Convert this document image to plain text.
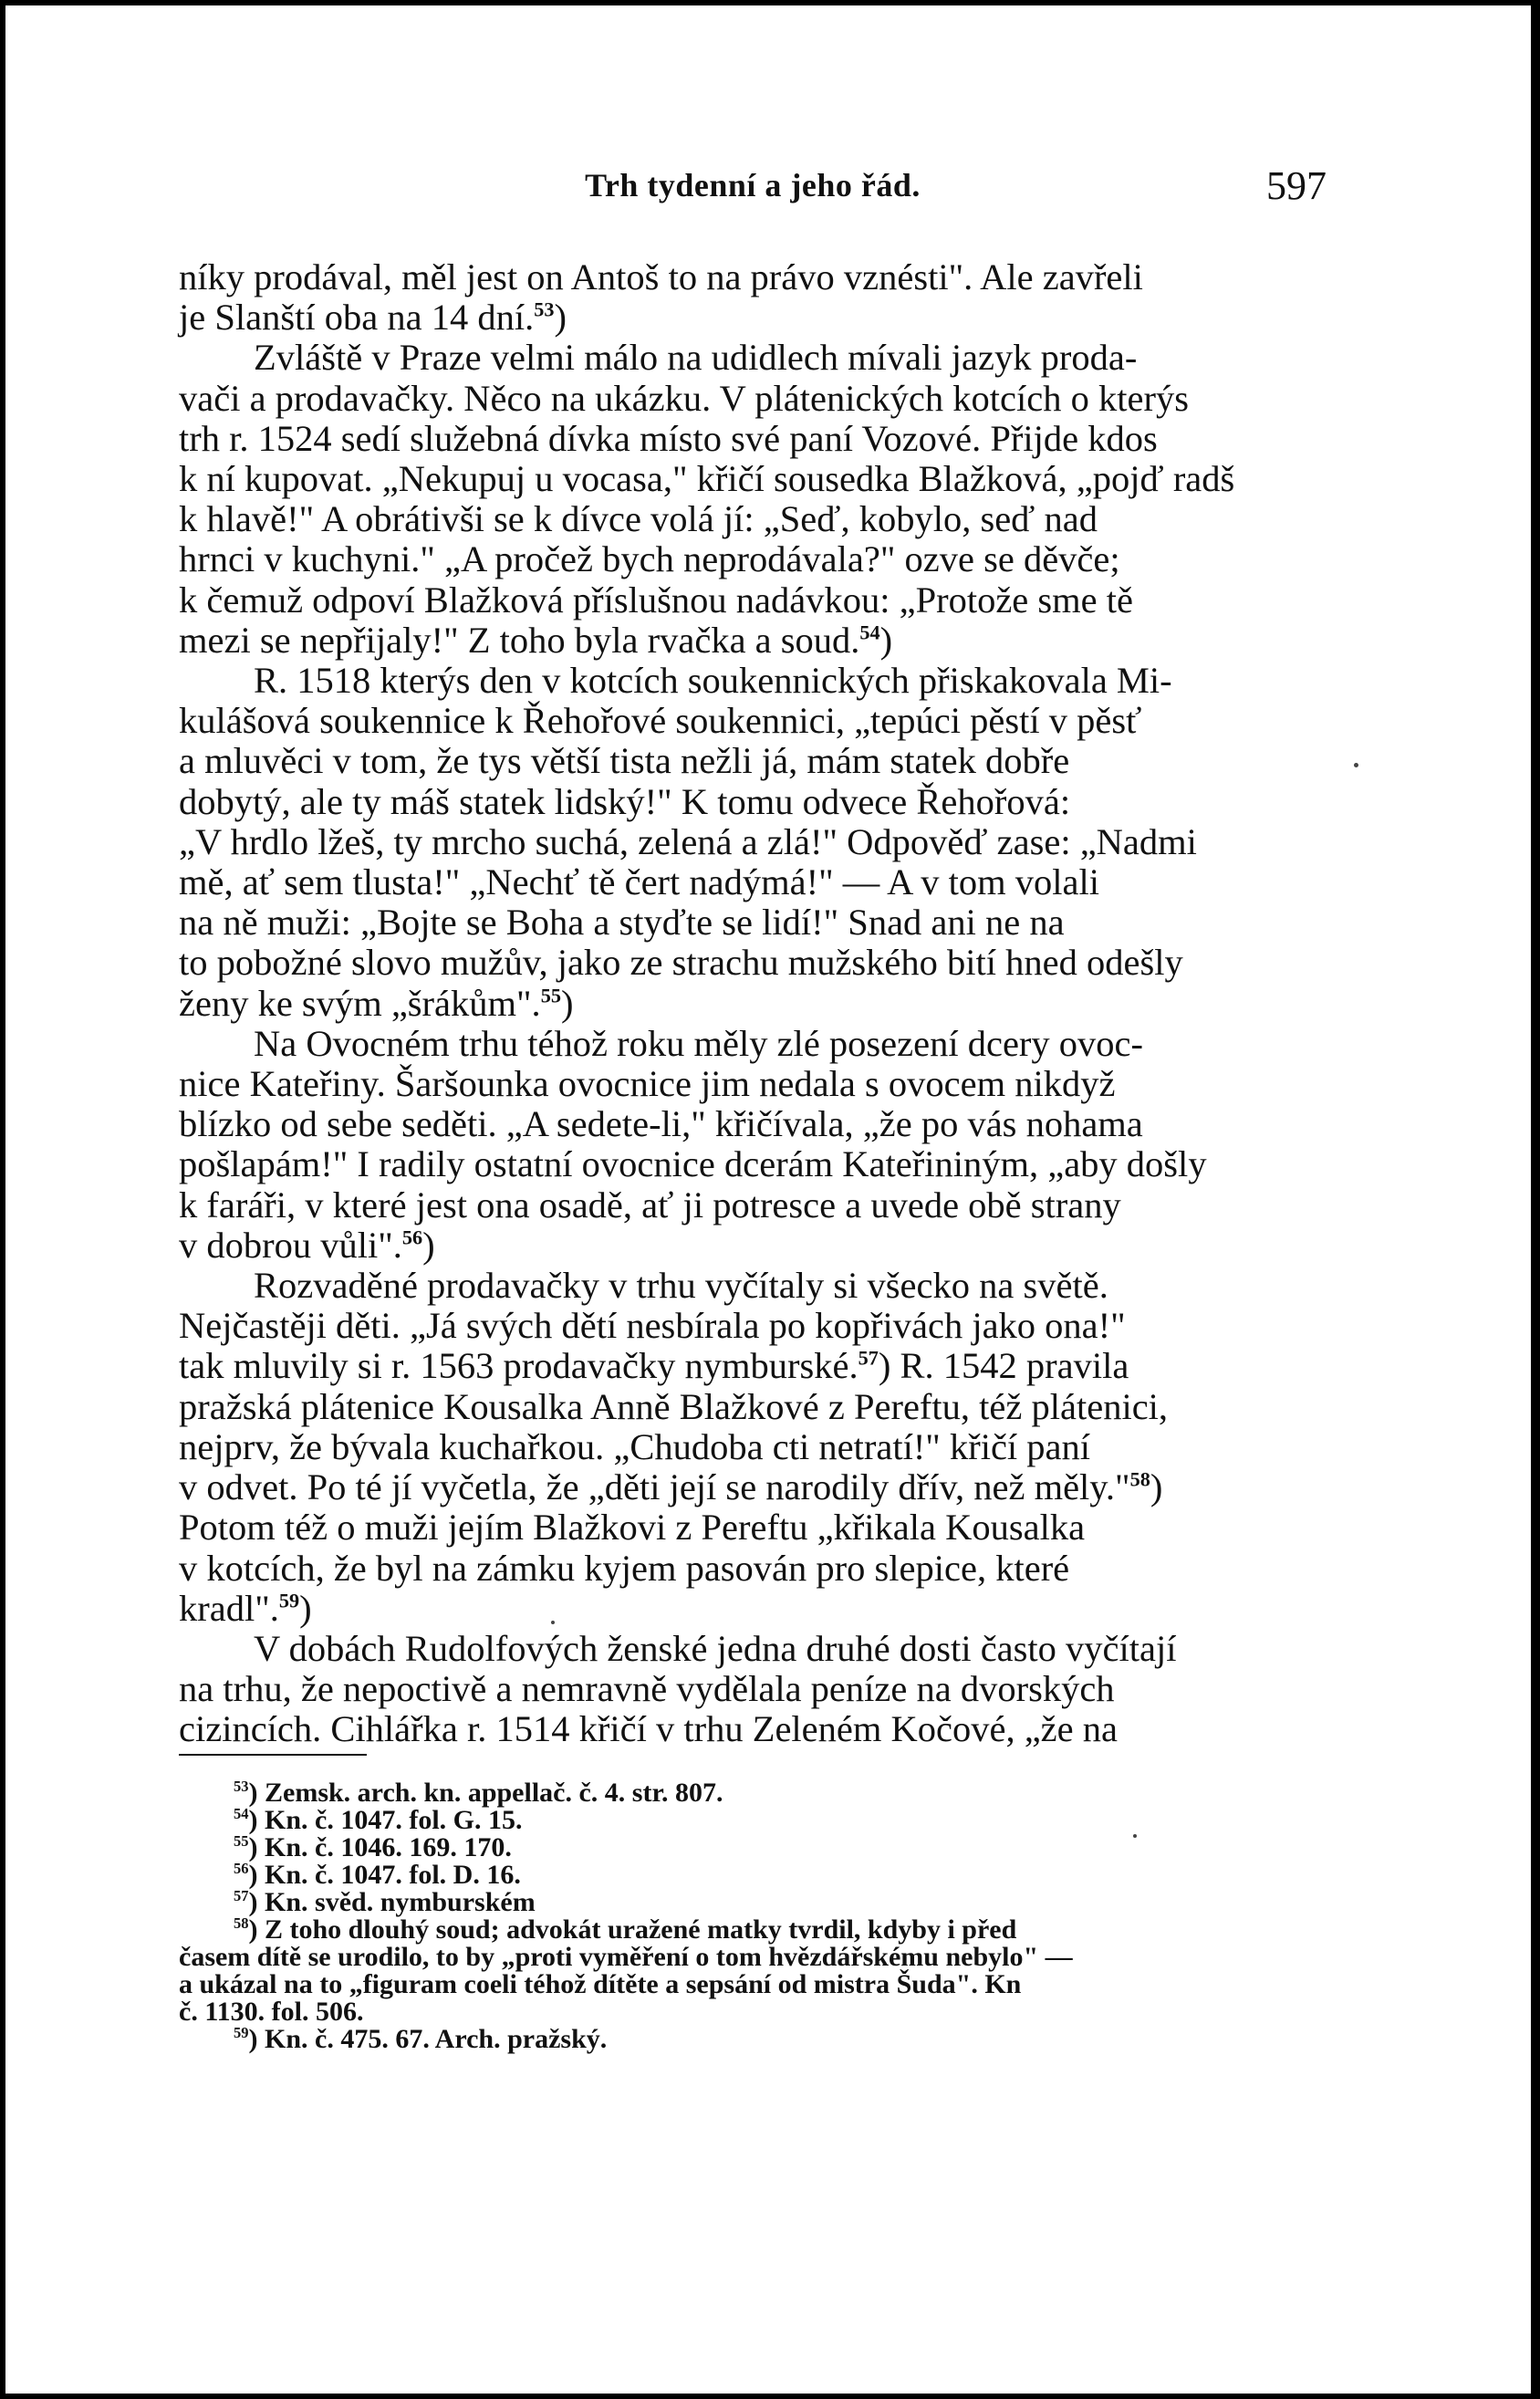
Trh tydenní a jeho řád.	597
níky prodával, měl jest on Antoš to na právo vznésti". Ale zavřeli
je Slanští oba na 14 dní.$^{53}$)
Zvláště v Praze velmi málo na udidlech mívali jazyk proda-
vači a prodavačky. Něco na ukázku. V plátenických kotcích o kterýs
trh r. 1524 sedí služebná dívka místo své paní Vozové. Přijde kdos
k ní kupovat. „Nekupuj u vocasa," křičí sousedka Blažková, „pojď radš
k hlavě!" A obrátivši se k dívce volá jí: „Seď, kobylo, seď nad
hrnci v kuchyni." „A pročež bych neprodávala?" ozve se děvče;
k čemuž odpoví Blažková příslušnou nadávkou: „Protože sme tě
mezi se nepřijaly!" Z toho byla rvačka a soud.$^{54}$)
R. 1518 kterýs den v kotcích soukennických přiskakovala Mi-
kulášová soukennice k Řehořové soukennici, „tepúci pěstí v pěsť
a mluvěci v tom, že tys větší tista nežli já, mám statek dobře
dobytý, ale ty máš statek lidský!" K tomu odvece Řehořová:
„V hrdlo lžeš, ty mrcho suchá, zelená a zlá!" Odpověď zase: „Nadmi
mě, ať sem tlusta!" „Nechť tě čert nadýmá!" — A v tom volali
na ně muži: „Bojte se Boha a styďte se lidí!" Snad ani ne na
to pobožné slovo mužův, jako ze strachu mužského bití hned odešly
ženy ke svým „šrákům".$^{55}$)
Na Ovocném trhu téhož roku měly zlé posezení dcery ovoc-
nice Kateřiny. Šaršounka ovocnice jim nedala s ovocem nikdyž
blízko od sebe seděti. „A sedete-li," křičívala, „že po vás nohama
pošlapám!" I radily ostatní ovocnice dcerám Kateřininým, „aby došly
k faráři, v které jest ona osadě, ať ji potresce a uvede obě strany
v dobrou vůli".$^{56}$)
Rozvaděné prodavačky v trhu vyčítaly si všecko na světě.
Nejčastěji děti. „Já svých dětí nesbírala po kopřivách jako ona!"
tak mluvily si r. 1563 prodavačky nymburské.$^{57}$) R. 1542 pravila
pražská plátenice Kousalka Anně Blažkové z Pereftu, též plátenici,
nejprv, že bývala kuchařkou. „Chudoba cti netratí!" křičí paní
v odvet. Po té jí vyčetla, že „děti její se narodily dřív, než měly."$^{58}$)
Potom též o muži jejím Blažkovi z Pereftu „křikala Kousalka
v kotcích, že byl na zámku kyjem pasován pro slepice, které
kradl".$^{59}$)
V dobách Rudolfových ženské jedna druhé dosti často vyčítají
na trhu, že nepoctivě a nemravně vydělala peníze na dvorských
cizincích. Cihlářka r. 1514 křičí v trhu Zeleném Kočové, „že na
$^{53}$) Zemsk. arch. kn. appellač. č. 4. str. 807.
$^{54}$) Kn. č. 1047. fol. G. 15.
$^{55}$) Kn. č. 1046. 169. 170.
$^{56}$) Kn. č. 1047. fol. D. 16.
$^{57}$) Kn. svěd. nymburském
$^{58}$) Z toho dlouhý soud; advokát uražené matky tvrdil, kdyby i před
časem dítě se urodilo, to by „proti vyměření o tom hvězdářskému nebylo" —
a ukázal na to „figuram coeli téhož dítěte a sepsání od mistra Šuda". Kn
č. 1130. fol. 506.
$^{59}$) Kn. č. 475. 67. Arch. pražský.
